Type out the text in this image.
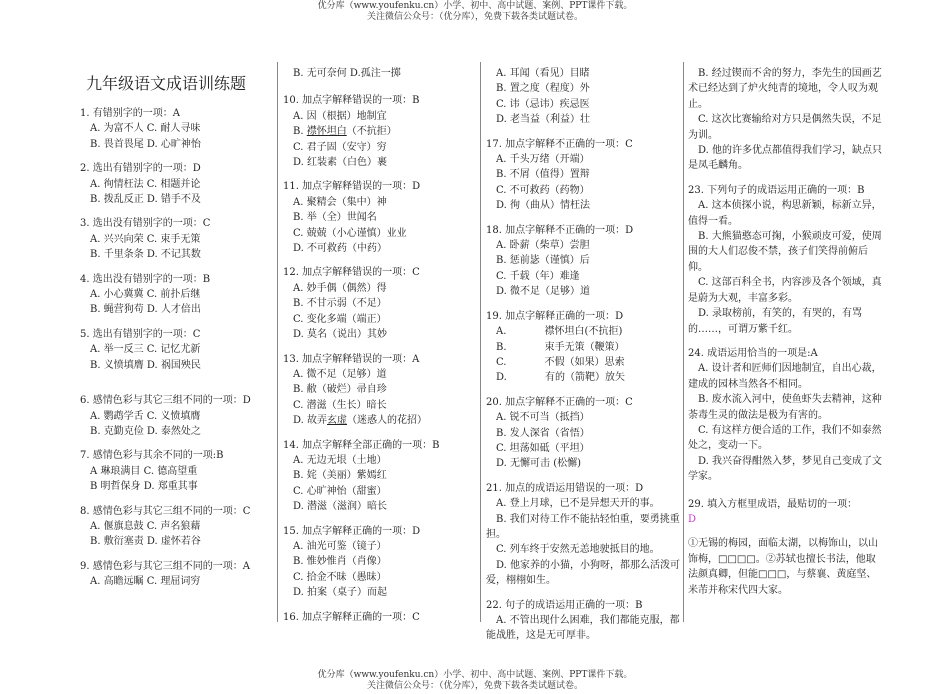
优分库（www.youfenku.cn）小学、初中、高中试题、案例、PPT课件下载。
关注微信公众号：（优分库），免费下载各类试题试卷。
九年级语文成语训练题
1. 有错别字的一项：A
A. 为富不人 C. 耐人寻味
B. 畏首畏尾 D. 心旷神怡
2. 选出有错别字的一项：D
A. 徇情枉法 C. 相题并论
B. 拨乱反正 D. 错手不及
3. 选出没有错别字的一项：C
A. 兴兴向荣 C. 束手无策
B. 千里条条 D. 不记其数
4. 选出没有错别字的一项：B
A. 小心冀冀 C. 前扑后继
B. 蝇营狗苟 D. 人才倍出
5. 选出有错别字的一项：C
A. 举一反三 C. 记忆尤新
B. 义愤填膺 D. 祸国殃民
6. 感情色彩与其它三组不同的一项：D
A. 鹦鹉学舌 C. 义愤填膺
B. 克勤克俭 D. 泰然处之
7. 感情色彩与其余不同的一项:B
A 琳琅满目 C. 德高望重
B 明哲保身 D. 郑重其事
8. 感情色彩与其它三组不同的一项：C
A. 偃旗息鼓 C. 声名狼藉
B. 敷衍塞责 D. 虚怀若谷
9. 感情色彩与其它三组不同的一项：A
A. 高瞻远瞩 C. 理屈词穷
B. 无可奈何 D.孤注一掷
10. 加点字解释错误的一项：B
A. 因（根据）地制宜
B. 襟怀坦白（不抗拒）
C. 君子固（安守）穷
D. 红装素（白色）裹
11. 加点字解释错误的一项：D
A. 聚精会（集中）神
B. 举（全）世闻名
C. 兢兢（小心谨慎）业业
D. 不可救药（中药）
12. 加点字解释错误的一项：C
A. 妙手偶（偶然）得
B. 不甘示弱（不足）
C. 变化多端（端正）
D. 莫名（说出）其妙
13. 加点字解释错误的一项：A
A. 微不足（足够）道
B. 敝（破烂）帚自珍
C. 潜滋（生长）暗长
D. 故弄玄虚（迷惑人的花招）
14. 加点字解释全部正确的一项：B
A. 无边无垠（土地）
B. 姹（美丽）紫嫣红
C. 心旷神怡（甜蜜）
D. 潜滋（滋润）暗长
15. 加点字解释正确的一项：D
A. 油光可鉴（镜子）
B. 惟妙惟肖（肖像）
C. 拾金不昧（愚昧）
D. 拍案（桌子）而起
16. 加点字解释正确的一项：C
A. 耳闻（看见）目睹
B. 置之度（程度）外
C. 讳（忌讳）疾忌医
D. 老当益（利益）壮
17. 加点字解释不正确的一项：C
A. 千头万绪（开端）
B. 不屑（值得）置辩
C. 不可救药（药物）
D. 徇（曲从）情枉法
18. 加点字解释不正确的一项：D
A. 卧薪（柴草）尝胆
B. 惩前毖（谨慎）后
C. 千载（年）难逢
D. 微不足（足够）道
19. 加点字解释正确的一项：D
A.            襟怀坦白(不抗拒)
B.            束手无策（鞭策）
C.            不假（如果）思索
D.            有的（箭靶）放矢
20. 加点字解释不正确的一项：C
A. 锐不可当（抵挡）
B. 发人深省（省悟）
C. 坦荡如砥（平坦）
D. 无懈可击 (松懈)
21. 加点的成语运用错误的一项：D
A. 登上月球，已不是异想天开的事。
B. 我们对待工作不能拈轻怕重，要勇挑重担。
C. 列车终于安然无恙地驶抵目的地。
D. 他家养的小猫，小狗呀，都那么活泼可爱，栩栩如生。
22. 句子的成语运用正确的一项：B
A. 不管出现什么困难，我们都能克服，都能战胜，这是无可厚非。
B. 经过锲而不舍的努力，李先生的国画艺术已经达到了炉火纯青的境地，令人叹为观止。
C. 这次比赛输给对方只是偶然失误，不足为训。
D. 他的许多优点都值得我们学习，缺点只是凤毛麟角。
23. 下列句子的成语运用正确的一项：B
A. 这本侦探小说，构思新颖，标新立异，值得一看。
B. 大熊猫憨态可掬，小猴顽皮可爱，使周围的大人们忍俊不禁，孩子们笑得前俯后仰。
C. 这部百科全书，内容涉及各个领域，真是蔚为大观，丰富多彩。
D. 录取榜前，有笑的，有哭的，有骂的……，可谓万紫千红。
24. 成语运用恰当的一项是:A
A. 设计者和匠师们因地制宜，自出心裁，建成的园林当然各不相同。
B. 废水流入河中，使鱼虾失去精神，这种荼毒生灵的做法是极为有害的。
C. 有这样方便合适的工作，我们不如泰然处之，变动一下。
D. 我兴奋得酣然入梦，梦见自己变成了文学家。
29. 填入方框里成语，最贴切的一项：
D
①无锡的梅园，面临太湖，以梅饰山，以山饰梅，□□□□。②苏轼也擅长书法，他取法颜真卿，但能□□□，与蔡襄、黄庭坚、米芾并称宋代四大家。
优分库（www.youfenku.cn）小学、初中、高中试题、案例、PPT课件下载。
关注微信公众号：（优分库），免费下载各类试题试卷。
